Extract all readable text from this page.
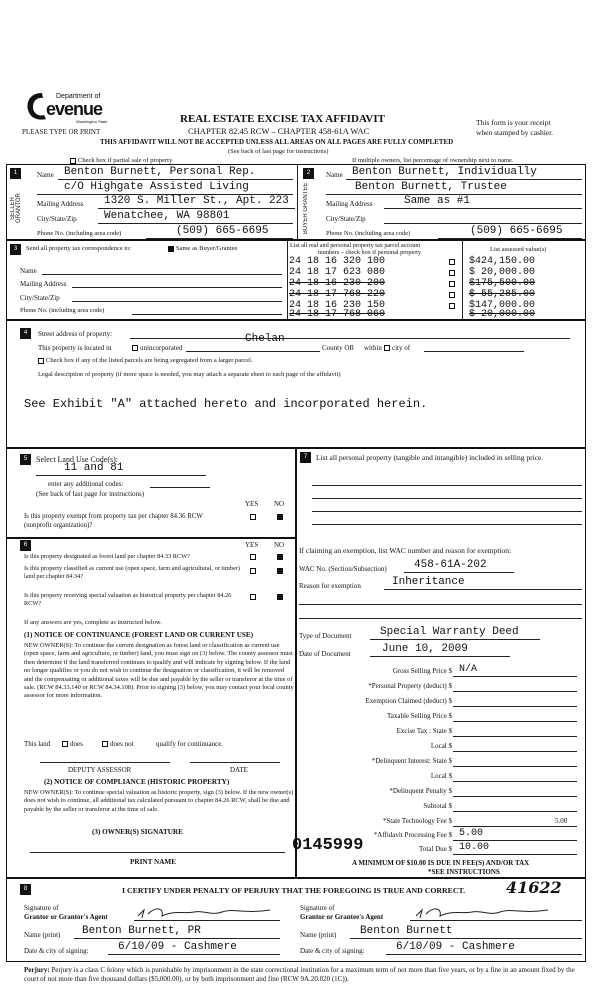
Department of
evenue
Washington State
PLEASE TYPE OR PRINT
REAL ESTATE EXCISE TAX AFFIDAVIT
CHAPTER 82.45 RCW – CHAPTER 458-61A WAC
THIS AFFIDAVIT WILL NOT BE ACCEPTED UNLESS ALL AREAS ON ALL PAGES ARE FULLY COMPLETED
(See back of last page for instructions)
This form is your receipt
when stamped by cashier.
Check box if partial sale of property	If multiple owners, list percentage of ownership next to name.
1
SELLER GRANTOR
Name Benton Burnett, Personal Rep.
c/O Highgate Assisted Living
Mailing Address 1320 S. Miller St., Apt. 223
City/State/Zip Wenatchee, WA 98801
Phone No. (including area code)	(509) 665-6695
2
BUYER GRANTEE
Name Benton Burnett, Individually
Benton Burnett, Trustee
Mailing Address	Same as #1
City/State/Zip
Phone No. (including area code)	(509) 665-6695
3	Send all property tax correspondence to:	Same as Buyer/Grantee
Name
Mailing Address
City/State/Zip
Phone No. (including area code)
List all real and personal property tax parcel account
numbers – check box if personal property	List assessed value(s)
24 18 16 320 100	$424,150.00
24 18 17 623 080	$ 20,000.00
24 18 16 230 200	$175,500.00
24 18 17 768 220	$ 55,285.00
24 18 16 230 150	$147,000.00
24 18 17 768 060	$ 20,000.00
4	Street address of property:
This property is located in	unincorporated
Chelan
County OR within	city of
Check box if any of the listed parcels are being segregated from a larger parcel.
Legal description of property (if more space is needed, you may attach a separate sheet to each page of the affidavit)
See Exhibit "A" attached hereto and incorporated herein.
5	Select Land Use Code(s):
11 and 81
enter any additional codes:
(See back of last page for instructions)
YES NO
Is this property exempt from property tax per chapter 84.36 RCW (nonprofit organization)?
6	YES NO
Is this property designated as forest land per chapter 84.33 RCW?
Is this property classified as current use (open space, farm and agricultural, or timber) land per chapter 84.34?
Is this property receiving special valuation as historical property per chapter 84.26 RCW?
If any answers are yes, complete as instructed below.
(1) NOTICE OF CONTINUANCE (FOREST LAND OR CURRENT USE)
NEW OWNER(S): To continue the current designation as forest land or classification as current use (open space, farm and agriculture, or timber) land, you must sign on (3) below. The county assessor must then determine if the land transferred continues to qualify and will indicate by signing below. If the land no longer qualifies or you do not wish to continue the designation or classification, it will be removed and the compensating or additional taxes will be due and payable by the seller or transferor at the time of sale. (RCW 84.33.140 or RCW 84.34.108). Prior to signing (3) below, you may contact your local county assessor for more information.
This land	does	does not	qualify for continuance.
DEPUTY ASSESSOR	DATE
(2) NOTICE OF COMPLIANCE (HISTORIC PROPERTY)
NEW OWNER(S): To continue special valuation as historic property, sign (3) below. If the new owner(s) does not wish to continue, all additional tax calculated pursuant to chapter 84.26 RCW, shall be due and payable by the seller or transferor at the time of sale.
(3) OWNER(S) SIGNATURE
PRINT NAME
7	List all personal property (tangible and intangible) included in selling price.
If claiming an exemption, list WAC number and reason for exemption:
WAC No. (Section/Subsection) 458-61A-202
Reason for exemption	Inheritance
Type of Document	Special Warranty Deed
Date of Document	June 10, 2009
Gross Selling Price $ N/A
*Personal Property (deduct) $
Exemption Claimed (deduct) $
Taxable Selling Price $
Excise Tax : State $
Local $
*Delinquent Interest: State $
Local $
*Delinquent Penalty $
Subtotal $
*State Technology Fee $	5.00
*Affidavit Processing Fee $ 5.00
Total Due $ 10.00
0145999
A MINIMUM OF $10.00 IS DUE IN FEE(S) AND/OR TAX
*SEE INSTRUCTIONS
8	I CERTIFY UNDER PENALTY OF PERJURY THAT THE FOREGOING IS TRUE AND CORRECT.	41622
Signature of
Grantor or Grantor's Agent
Name (print) Benton Burnett, PR
Date & city of signing:	6/10/09 - Cashmere
Signature of
Grantor or Grantee's Agent
Name (print) Benton Burnett
Date & city of signing:	6/10/09 - Cashmere
Perjury: Perjury is a class C felony which is punishable by imprisonment in the state correctional institution for a maximum term of not more than five years, or by a fine in an amount fixed by the court of not more than five thousand dollars ($5,000.00), or by both imprisonment and fine (RCW 9A.20.020 (1C)).
